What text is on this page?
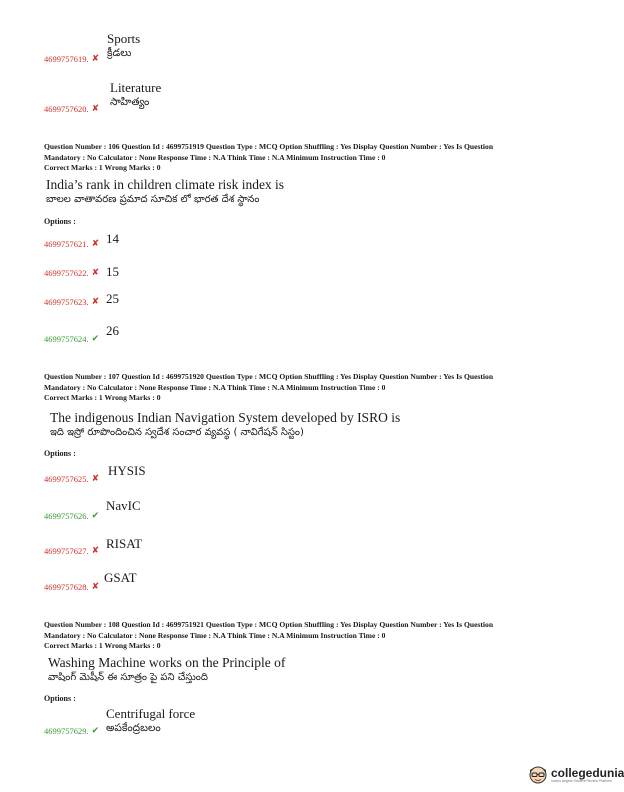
Sports
క్రీడలు
4699757619. ✘
Literature
సాహిత్యం
4699757620. ✘
Question Number : 106 Question Id : 4699751919 Question Type : MCQ Option Shuffling : Yes Display Question Number : Yes Is Question
Mandatory : No Calculator : None Response Time : N.A Think Time : N.A Minimum Instruction Time : 0
Correct Marks : 1 Wrong Marks : 0
India’s rank in children climate risk index is
బాలల వాతావరణ ప్రమాద సూచిక లో భారత దేశ స్థానం
Options :
14
4699757621. ✘
15
4699757622. ✘
25
4699757623. ✘
26
4699757624. ✔
Question Number : 107 Question Id : 4699751920 Question Type : MCQ Option Shuffling : Yes Display Question Number : Yes Is Question
Mandatory : No Calculator : None Response Time : N.A Think Time : N.A Minimum Instruction Time : 0
Correct Marks : 1 Wrong Marks : 0
The indigenous Indian Navigation System developed by ISRO is
ఇది ఇస్రో రూపొందించిన స్వదేశ సంచార వ్యవస్థ ( నావిగేషన్ సిస్టం)
Options :
HYSIS
4699757625. ✘
NavIC
4699757626. ✔
RISAT
4699757627. ✘
GSAT
4699757628. ✘
Question Number : 108 Question Id : 4699751921 Question Type : MCQ Option Shuffling : Yes Display Question Number : Yes Is Question
Mandatory : No Calculator : None Response Time : N.A Think Time : N.A Minimum Instruction Time : 0
Correct Marks : 1 Wrong Marks : 0
Washing Machine works on the Principle of
వాషింగ్ మెషీన్ ఈ సూత్రం పై పని చేస్తుంది
Options :
Centrifugal force
అపకేంద్రబలం
4699757629. ✔
collegedunia
India's largest Student Review Platform
